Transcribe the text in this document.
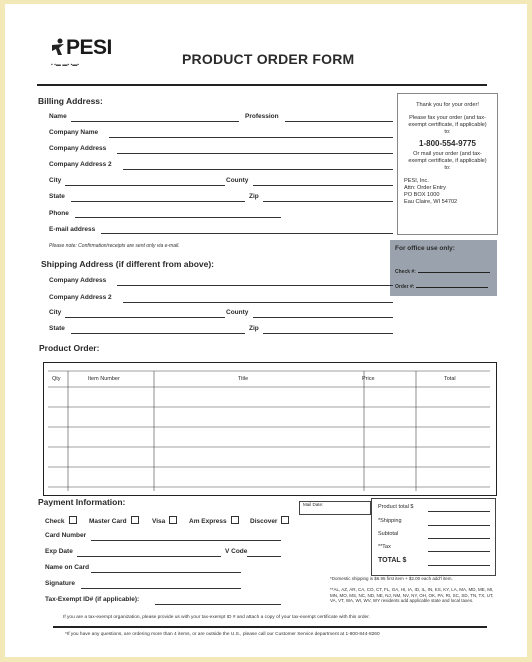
PESI
▪ ▪▬ ▬▪ ▪▬▪	PRODUCT ORDER FORM
Billing Address:
Name	Profession
Company Name
Company Address
Company Address 2
City	County
State	Zip
Phone
E-mail address
Please note: Confirmation/receipts are sent only via e-mail.
Thank you for your order!
Please fax your order (and tax-exempt certificate, if applicable) to:
1-800-554-9775
Or mail your order (and tax-exempt certificate, if applicable) to:
PESI, Inc.
Attn: Order Entry
PO BOX 1000
Eau Claire, WI 54702
For office use only:
Check #:
Order #:
Shipping Address (if different from above):
Company Address
Company Address 2
City	County
State	Zip
Product Order:
Qty	Item Number	Title	Price	Total
Payment Information:
Check	Master Card	Visa	Am Express	Discover
Card Number
Exp Date	V Code
Name on Card
Signature
Tax-Exempt ID# (if applicable):
Mail Date:	Product total $
*Shipping
Subtotal
**Tax
TOTAL $
*Domestic shipping is $6.95 first item + $2.00 each add'l item.
**AL, AZ, AR, CA, CO, CT, FL, GA, HI, IA, ID, IL, IN, KS, KY, LA, MA, MD, ME, MI, MN, MO, MS, NC, ND, NE, NJ, NM, NV, NY, OH, OK, PA, RI, SC, SD, TN, TX, UT, VA, VT, WA, WI, WV, WY residents add applicable state and local taxes.
If you are a tax-exempt organization, please provide us with your tax-exempt ID # and attach a copy of your tax-exempt certificate with this order.
*If you have any questions, are ordering more than 4 items, or are outside the U.S., please call our Customer Service department at 1-800-844-8260
